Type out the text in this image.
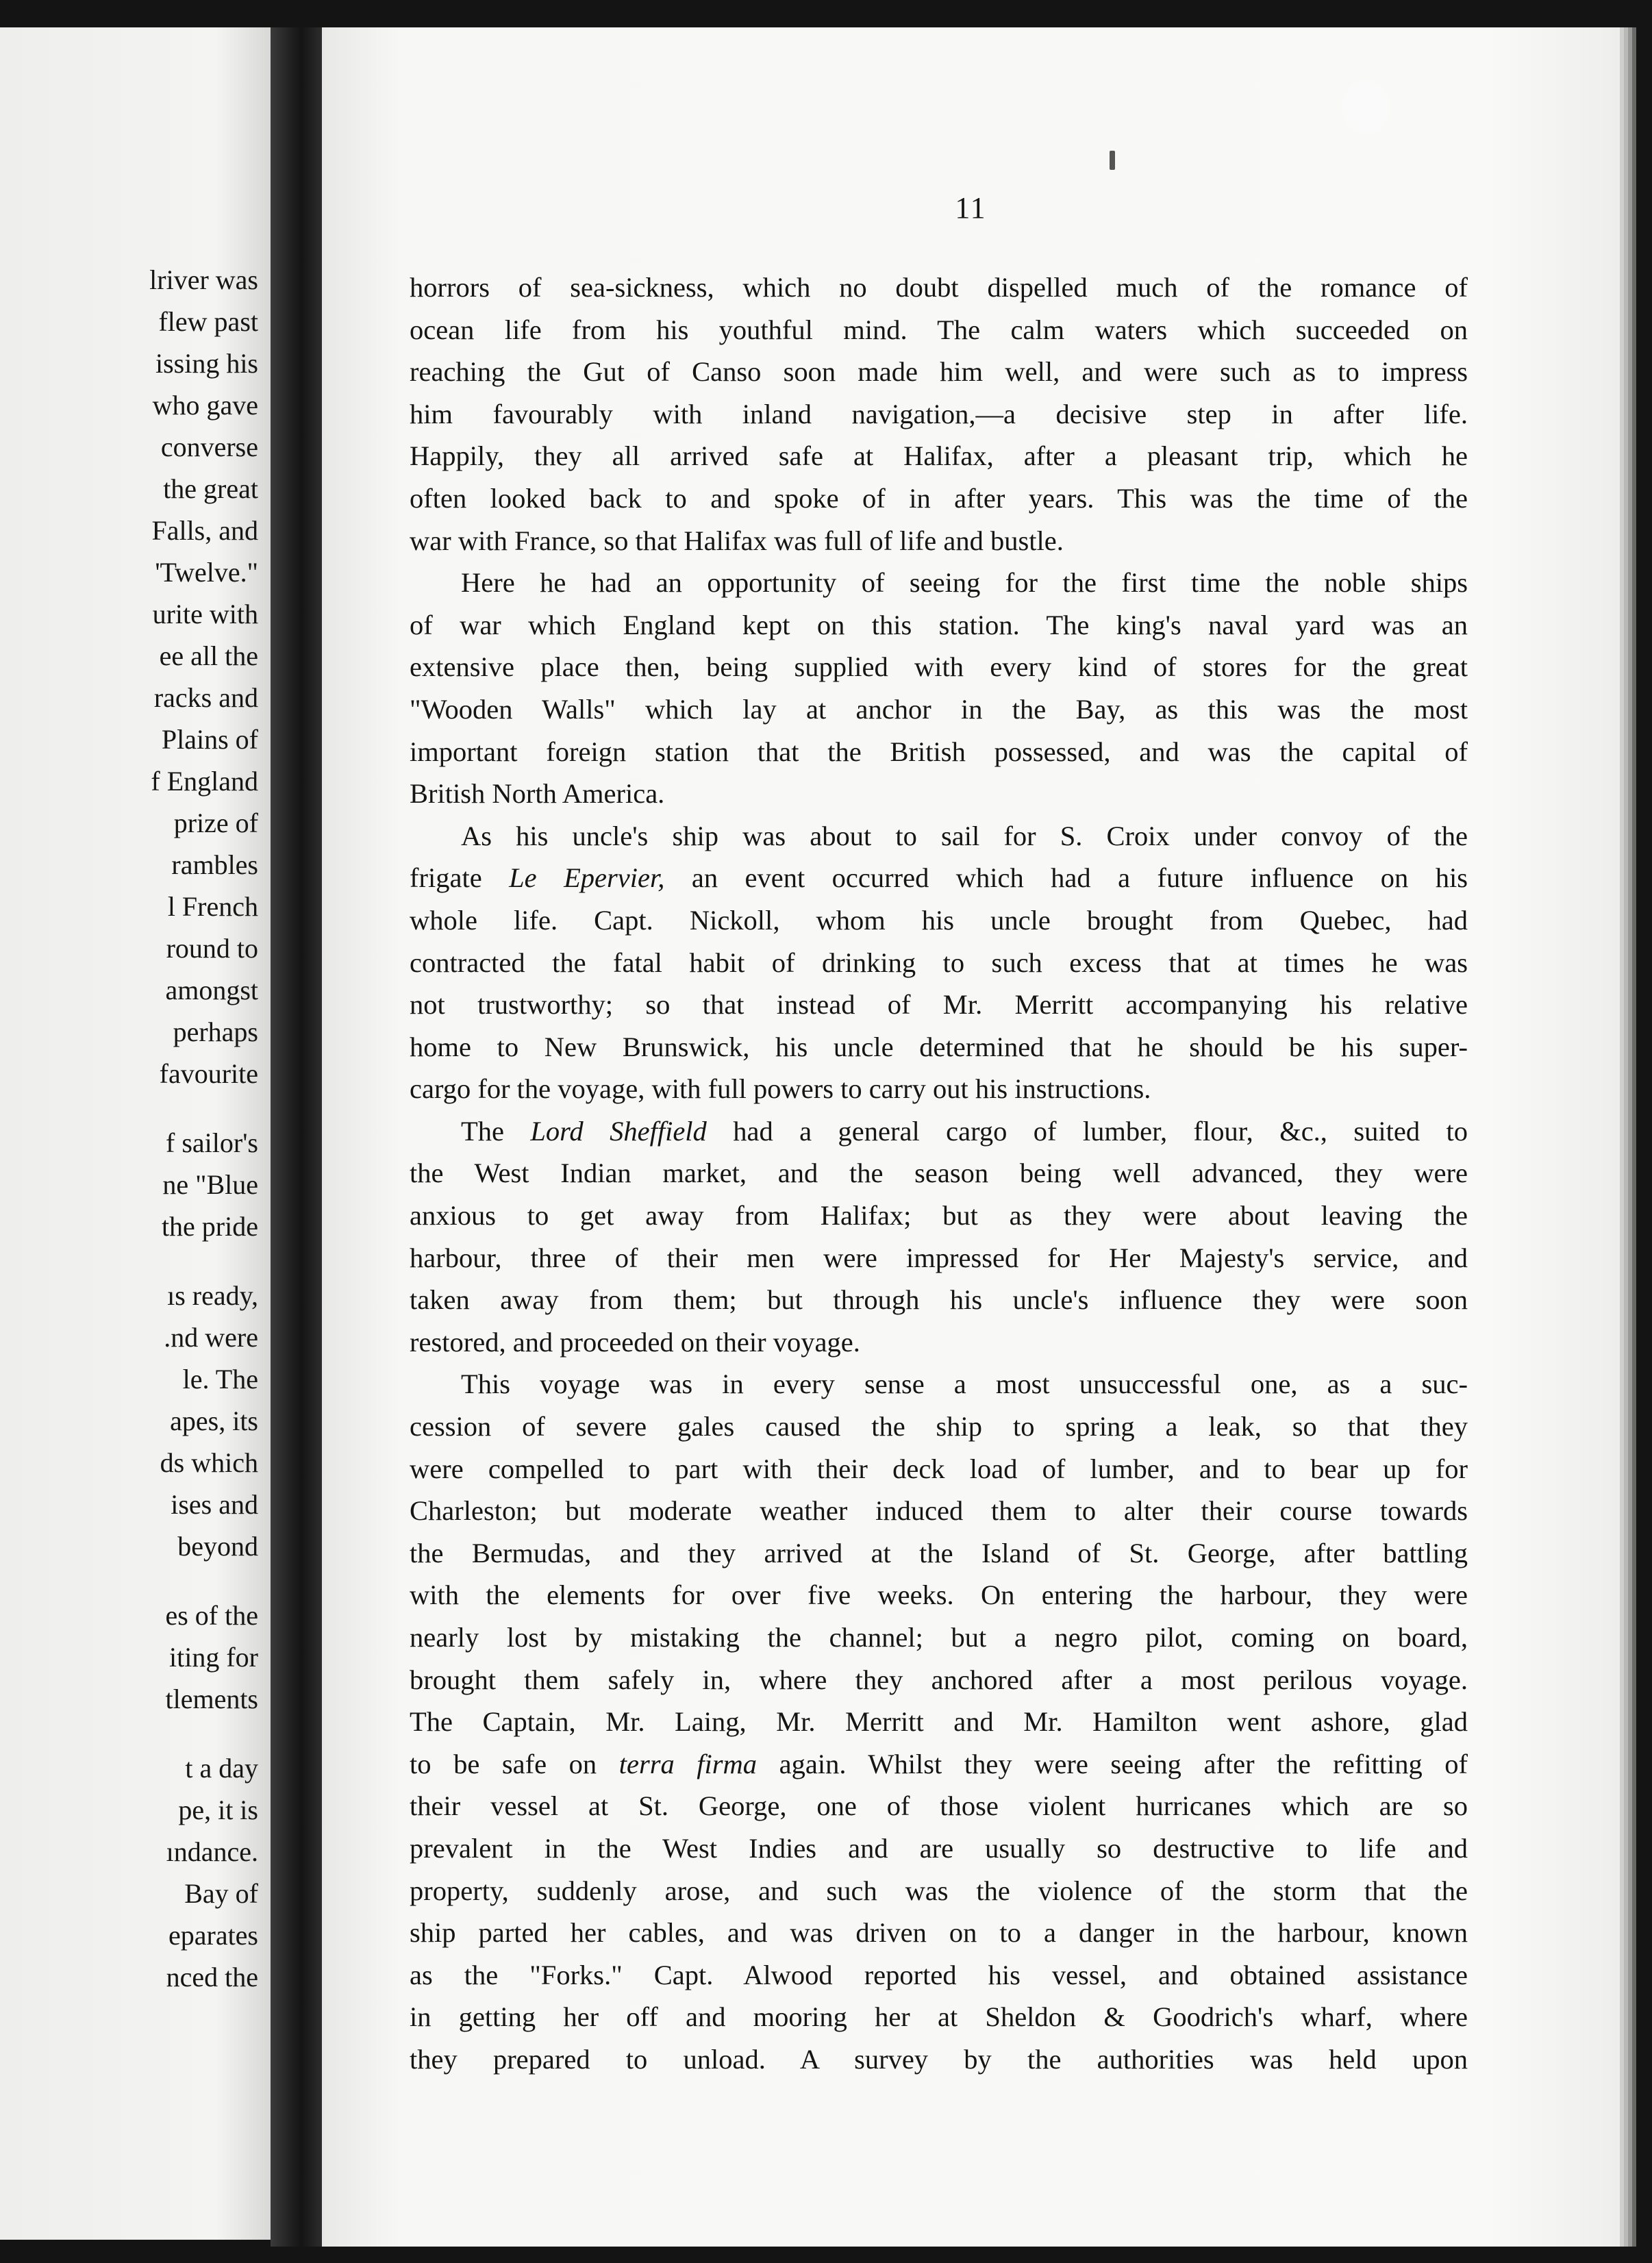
lriver was
flew past
issing his
who gave
converse
the great
Falls, and
'Twelve."
urite with
ee all the
racks and
Plains of
f England
prize of
rambles
l French
round to
amongst
perhaps
favourite
f sailor's
ne "Blue
the pride
ıs ready,
.nd were
le. The
apes, its
ds which
ises and
beyond
es of the
iting for
tlements
t a day
pe, it is
ındance.
Bay of
eparates
nced the
11
horrors of sea-sickness, which no doubt dispelled much of the romance of
ocean life from his youthful mind. The calm waters which succeeded on
reaching the Gut of Canso soon made him well, and were such as to impress
him favourably with inland navigation,—a decisive step in after life.
Happily, they all arrived safe at Halifax, after a pleasant trip, which he
often looked back to and spoke of in after years. This was the time of the
war with France, so that Halifax was full of life and bustle.
Here he had an opportunity of seeing for the first time the noble ships
of war which England kept on this station. The king's naval yard was an
extensive place then, being supplied with every kind of stores for the great
"Wooden Walls" which lay at anchor in the Bay, as this was the most
important foreign station that the British possessed, and was the capital of
British North America.
As his uncle's ship was about to sail for S. Croix under convoy of the
frigate Le Epervier, an event occurred which had a future influence on his
whole life. Capt. Nickoll, whom his uncle brought from Quebec, had
contracted the fatal habit of drinking to such excess that at times he was
not trustworthy; so that instead of Mr. Merritt accompanying his relative
home to New Brunswick, his uncle determined that he should be his super-
cargo for the voyage, with full powers to carry out his instructions.
The Lord Sheffield had a general cargo of lumber, flour, &c., suited to
the West Indian market, and the season being well advanced, they were
anxious to get away from Halifax; but as they were about leaving the
harbour, three of their men were impressed for Her Majesty's service, and
taken away from them; but through his uncle's influence they were soon
restored, and proceeded on their voyage.
This voyage was in every sense a most unsuccessful one, as a suc-
cession of severe gales caused the ship to spring a leak, so that they
were compelled to part with their deck load of lumber, and to bear up for
Charleston; but moderate weather induced them to alter their course towards
the Bermudas, and they arrived at the Island of St. George, after battling
with the elements for over five weeks. On entering the harbour, they were
nearly lost by mistaking the channel; but a negro pilot, coming on board,
brought them safely in, where they anchored after a most perilous voyage.
The Captain, Mr. Laing, Mr. Merritt and Mr. Hamilton went ashore, glad
to be safe on terra firma again. Whilst they were seeing after the refitting of
their vessel at St. George, one of those violent hurricanes which are so
prevalent in the West Indies and are usually so destructive to life and
property, suddenly arose, and such was the violence of the storm that the
ship parted her cables, and was driven on to a danger in the harbour, known
as the "Forks." Capt. Alwood reported his vessel, and obtained assistance
in getting her off and mooring her at Sheldon & Goodrich's wharf, where
they prepared to unload. A survey by the authorities was held upon
